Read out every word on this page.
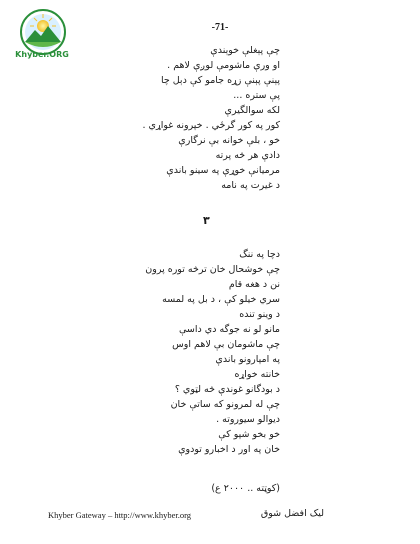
Khyber.ORG
-71-
چې پېغلې خوېندې
او ورې ماشومې لوږې لاهم .
پېنې پېنې زړه جامو کې دېل چا
پې ستره ...
لکه سوالگيرې
کور په کور گرځي . خپرونه غواړي .
خو ، بلې خوانه بې نرگارې
دادې هر څه پرته
مرميانې خوړې په سينو باندې
د غيرت په نامه
۳
دچا په ننگ
چې خوشحال خان ترڅه توره پرون
نن د هغه قام
سري خيلو کې ، د بل په لمسه
د وينو تنده
مانو لو نه جوگه دي داسې
چې ماشومان بې لاهم اوس
په امپارونو باندې
خانته خواړه
د بودگانو غوندې څه لټوي ؟
چې له لمرونو که ساتې خان
ديوالو سيوروته .
خو بخو شپو کې
خان په اور د اخبارو تودوې
(کوټته .. ۲۰۰۰ ع)
Khyber Gateway – http://www.khyber.org	ليک افضل شوق
